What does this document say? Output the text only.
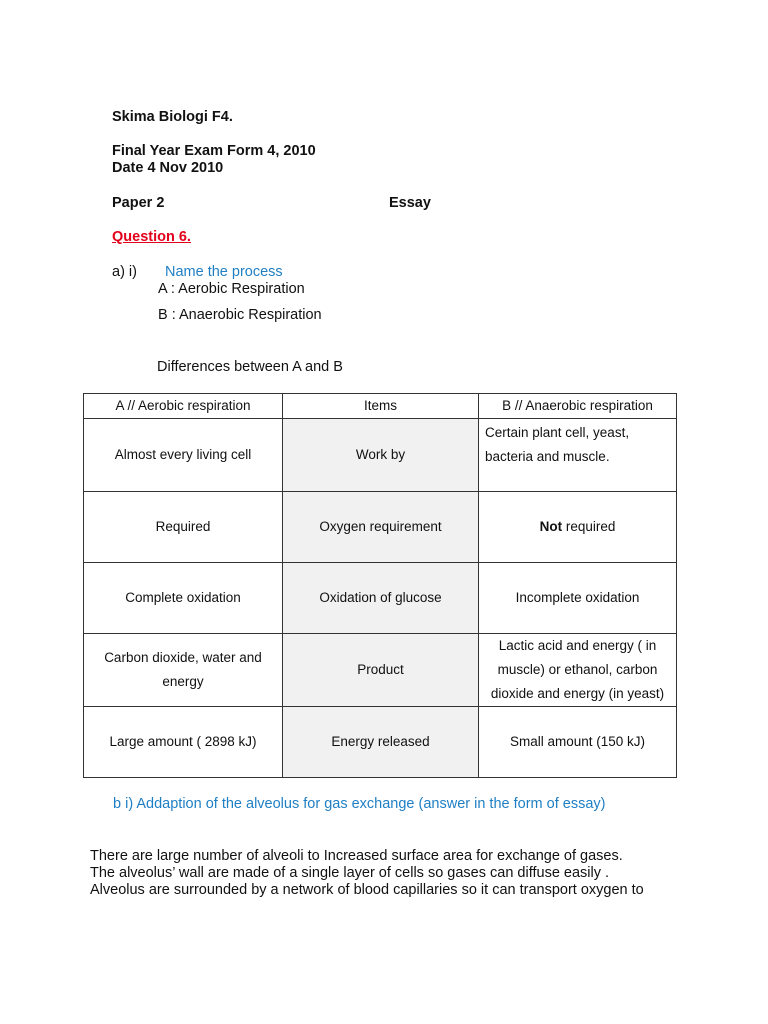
Skima Biologi F4.
Final Year Exam Form 4, 2010
Date 4 Nov 2010
Paper 2	Essay
Question 6.
a) i) Name the process
A : Aerobic Respiration
B : Anaerobic Respiration
Differences between A and B
A // Aerobic respiration	Items	B // Anaerobic respiration
Almost every living cell	Work by	Certain plant cell, yeast, bacteria and muscle.
Required	Oxygen requirement	Not required
Complete oxidation	Oxidation of glucose	Incomplete oxidation
Carbon dioxide, water and energy	Product	Lactic acid and energy ( in muscle) or ethanol, carbon dioxide and energy (in yeast)
Large amount ( 2898 kJ)	Energy released	Small amount (150 kJ)
b i) Addaption of the alveolus for gas exchange (answer in the form of essay)
There are large number of alveoli to Increased surface area for exchange of gases.
The alveolus’ wall are made of a single layer of cells so gases can diffuse easily .
Alveolus are surrounded by a network of blood capillaries so it can transport oxygen to
